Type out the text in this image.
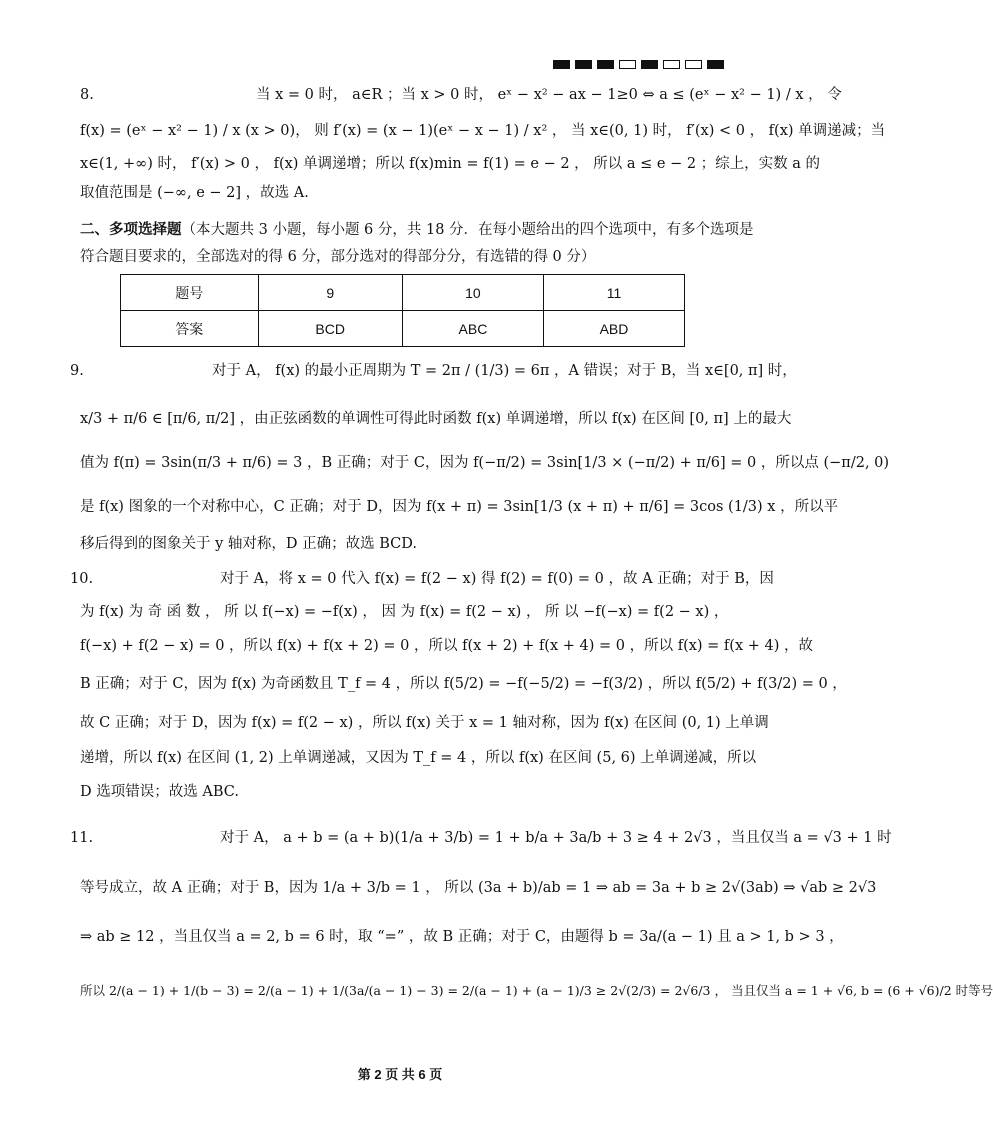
8.	当 x = 0 时， a∈R ；当 x > 0 时， eˣ − x² − ax − 1≥0 ⇔ a ≤ (eˣ − x² − 1) / x ， 令

f(x) = (eˣ − x² − 1) / x (x > 0)， 则 f′(x) = (x − 1)(eˣ − x − 1) / x² ， 当 x∈(0, 1) 时， f′(x) < 0 ， f(x) 单调递减；当

x∈(1, +∞) 时， f′(x) > 0 ， f(x) 单调递增；所以 f(x)min = f(1) = e − 2 ， 所以 a ≤ e − 2 ；综上，实数 a 的

取值范围是 (−∞, e − 2] ，故选 A.

二、多项选择题（本大题共 3 小题，每小题 6 分，共 18 分．在每小题给出的四个选项中，有多个选项是

符合题目要求的，全部选对的得 6 分，部分选对的得部分分，有选错的得 0 分）

题号	9	10	11
答案	BCD	ABC	ABD

9.	对于 A， f(x) 的最小正周期为 T = 2π / (1/3) = 6π ，A 错误；对于 B，当 x∈[0, π] 时，

x/3 + π/6 ∈ [π/6, π/2] ，由正弦函数的单调性可得此时函数 f(x) 单调递增，所以 f(x) 在区间 [0, π] 上的最大

值为 f(π) = 3sin(π/3 + π/6) = 3 ，B 正确；对于 C，因为 f(−π/2) = 3sin[1/3 × (−π/2) + π/6] = 0 ，所以点 (−π/2, 0)

是 f(x) 图象的一个对称中心，C 正确；对于 D，因为 f(x + π) = 3sin[1/3 (x + π) + π/6] = 3cos (1/3) x ，所以平

移后得到的图象关于 y 轴对称，D 正确；故选 BCD.

10.	对于 A，将 x = 0 代入 f(x) = f(2 − x) 得 f(2) = f(0) = 0 ，故 A 正确；对于 B，因

为 f(x) 为 奇 函 数 ， 所 以 f(−x) = −f(x) ， 因 为 f(x) = f(2 − x) ， 所 以 −f(−x) = f(2 − x) ，

f(−x) + f(2 − x) = 0 ，所以 f(x) + f(x + 2) = 0 ，所以 f(x + 2) + f(x + 4) = 0 ，所以 f(x) = f(x + 4) ，故

B 正确；对于 C，因为 f(x) 为奇函数且 T_f = 4 ，所以 f(5/2) = −f(−5/2) = −f(3/2) ，所以 f(5/2) + f(3/2) = 0 ，

故 C 正确；对于 D，因为 f(x) = f(2 − x) ，所以 f(x) 关于 x = 1 轴对称，因为 f(x) 在区间 (0, 1) 上单调

递增，所以 f(x) 在区间 (1, 2) 上单调递减，又因为 T_f = 4 ，所以 f(x) 在区间 (5, 6) 上单调递减，所以

D 选项错误；故选 ABC.

11.	对于 A， a + b = (a + b)(1/a + 3/b) = 1 + b/a + 3a/b + 3 ≥ 4 + 2√3 ，当且仅当 a = √3 + 1 时

等号成立，故 A 正确；对于 B，因为 1/a + 3/b = 1 ， 所以 (3a + b)/ab = 1 ⇒ ab = 3a + b ≥ 2√(3ab) ⇒ √ab ≥ 2√3

⇒ ab ≥ 12 ，当且仅当 a = 2, b = 6 时，取 “=” ，故 B 正确；对于 C，由题得 b = 3a/(a − 1) 且 a > 1, b > 3 ，

所以 2/(a − 1) + 1/(b − 3) = 2/(a − 1) + 1/(3a/(a − 1) − 3) = 2/(a − 1) + (a − 1)/3 ≥ 2√(2/3) = 2√6/3 ， 当且仅当 a = 1 + √6, b = (6 + √6)/2 时等号

第 2 页 共 6 页
